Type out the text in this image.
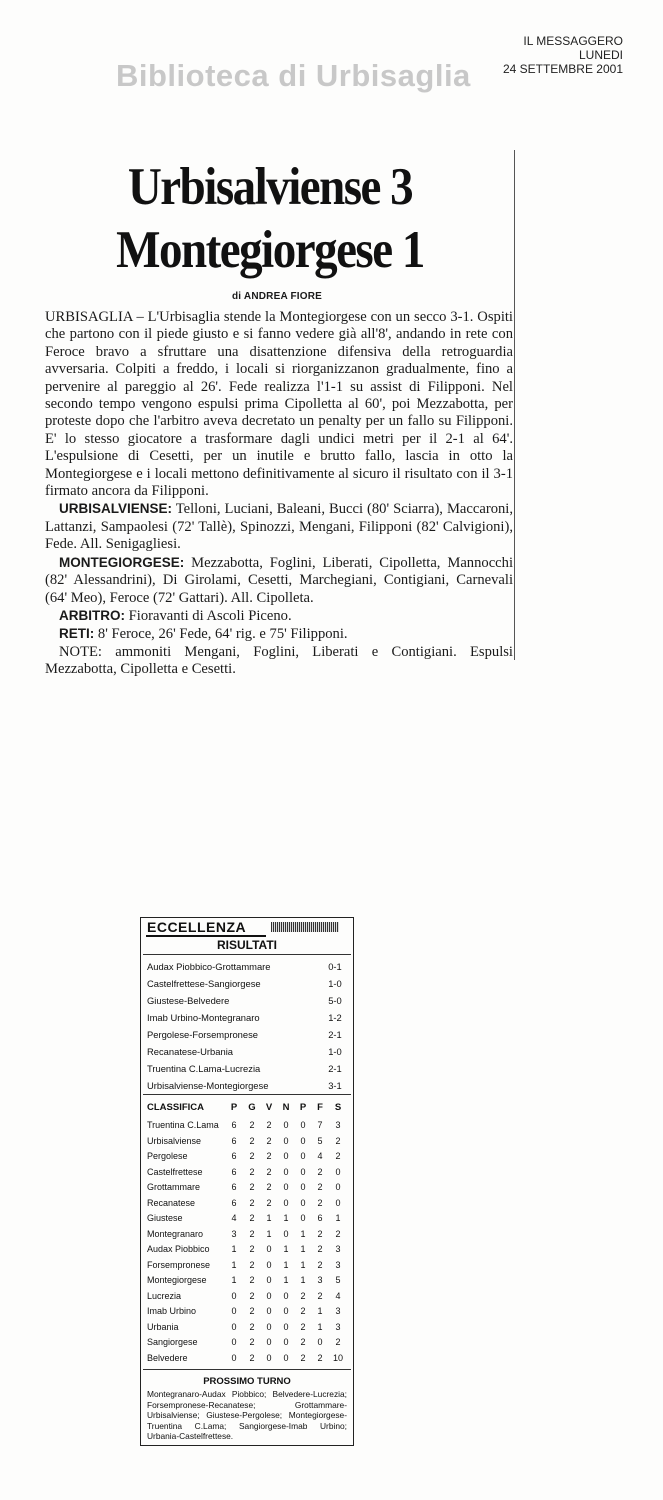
IL MESSAGGERO
LUNEDI
24 SETTEMBRE 2001
Biblioteca di Urbisaglia
Urbisalviense 3
Montegiorgese 1
di ANDREA FIORE

URBISAGLIA – L'Urbisaglia stende la Montegiorgese con un secco 3-1. Ospiti che partono con il piede giusto e si fanno vedere già all'8', andando in rete con Feroce bravo a sfruttare una disattenzione difensiva della retroguardia avversaria. Colpiti a freddo, i locali si riorganizzanon gradualmente, fino a pervenire al pareggio al 26'. Fede realizza l'1-1 su assist di Filipponi. Nel secondo tempo vengono espulsi prima Cipolletta al 60', poi Mezzabotta, per proteste dopo che l'arbitro aveva decretato un penalty per un fallo su Filipponi. E' lo stesso giocatore a trasformare dagli undici metri per il 2-1 al 64'. L'espulsione di Cesetti, per un inutile e brutto fallo, lascia in otto la Montegiorgese e i locali mettono definitivamente al sicuro il risultato con il 3-1 firmato ancora da Filipponi.

URBISALVIENSE: Telloni, Luciani, Baleani, Bucci (80' Sciarra), Maccaroni, Lattanzi, Sampaolesi (72' Tallè), Spinozzi, Mengani, Filipponi (82' Calvigioni), Fede. All. Senigagliesi.

MONTEGIORGESE: Mezzabotta, Foglini, Liberati, Cipolletta, Mannocchi (82' Alessandrini), Di Girolami, Cesetti, Marchegiani, Contigiani, Carnevali (64' Meo), Feroce (72' Gattari). All. Cipolleta.

ARBITRO: Fioravanti di Ascoli Piceno.

RETI: 8' Feroce, 26' Fede, 64' rig. e 75' Filipponi.

NOTE: ammoniti Mengani, Foglini, Liberati e Contigiani. Espulsi Mezzabotta, Cipolletta e Cesetti.

ECCELLENZA
RISULTATI
Audax Piobbico-Grottammare	0-1
Castelfrettese-Sangiorgese	1-0
Giustese-Belvedere	5-0
Imab Urbino-Montegranaro	1-2
Pergolese-Forsempronese	2-1
Recanatese-Urbania	1-0
Truentina C.Lama-Lucrezia	2-1
Urbisalviense-Montegiorgese	3-1
CLASSIFICA	P	G	V	N	P	F	S
Truentina C.Lama	6	2	2	0	0	7	3
Urbisalviense	6	2	2	0	0	5	2
Pergolese	6	2	2	0	0	4	2
Castelfrettese	6	2	2	0	0	2	0
Grottammare	6	2	2	0	0	2	0
Recanatese	6	2	2	0	0	2	0
Giustese	4	2	1	1	0	6	1
Montegranaro	3	2	1	0	1	2	2
Audax Piobbico	1	2	0	1	1	2	3
Forsempronese	1	2	0	1	1	2	3
Montegiorgese	1	2	0	1	1	3	5
Lucrezia	0	2	0	0	2	2	4
Imab Urbino	0	2	0	0	2	1	3
Urbania	0	2	0	0	2	1	3
Sangiorgese	0	2	0	0	2	0	2
Belvedere	0	2	0	0	2	2	10
PROSSIMO TURNO
Montegranaro-Audax Piobbico; Belvedere-Lucrezia; Forsempronese-Recanatese; Grottammare-Urbisalviense; Giustese-Pergolese; Montegiorgese-Truentina C.Lama; Sangiorgese-Imab Urbino; Urbania-Castelfrettese.
